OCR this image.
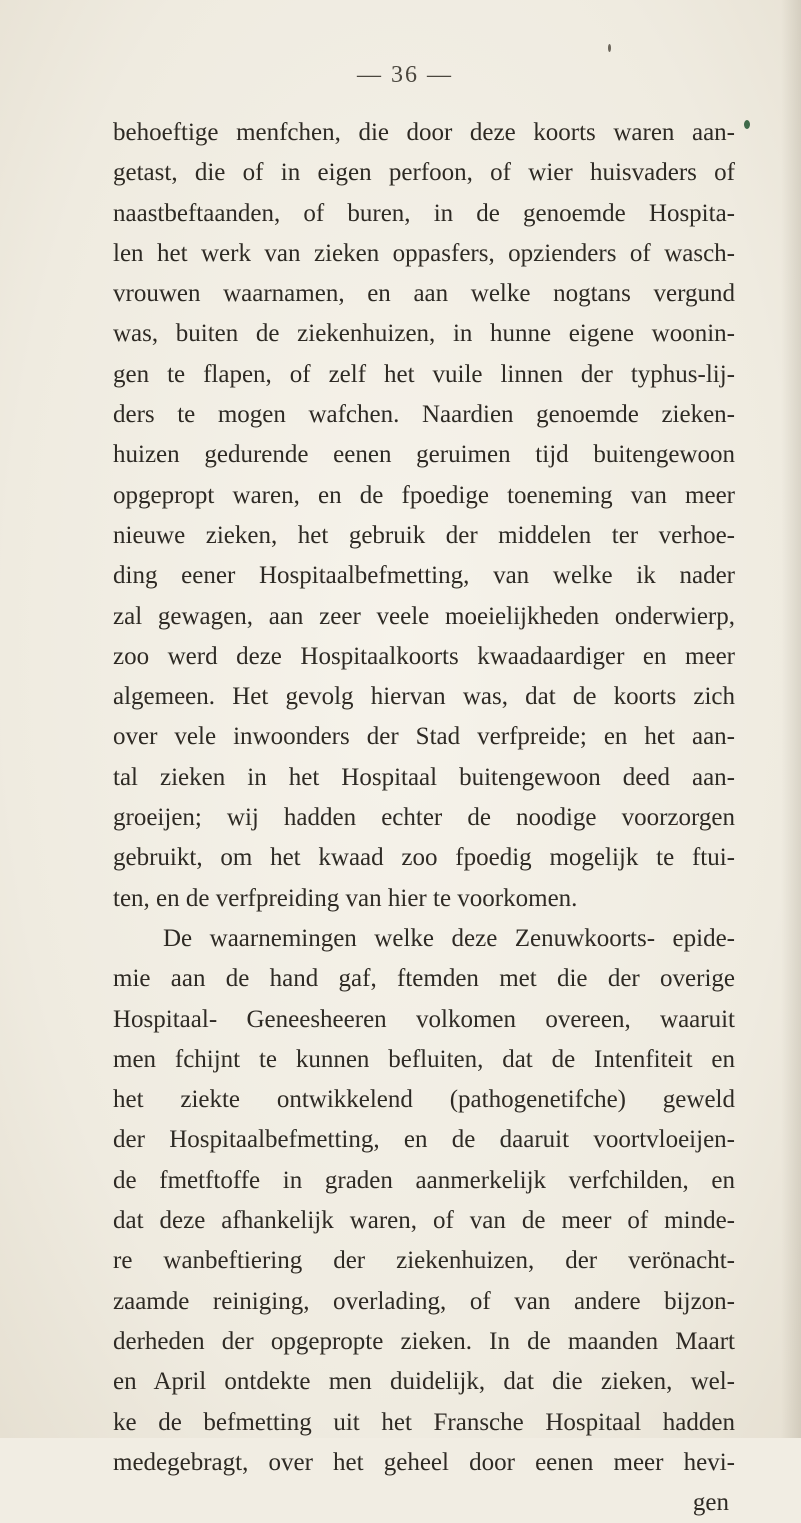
— 36 —
behoeftige menfchen, die door deze koorts waren aan-
getast, die of in eigen perfoon, of wier huisvaders of
naastbeftaanden, of buren, in de genoemde Hospita-
len het werk van zieken oppasfers, opzienders of wasch-
vrouwen waarnamen, en aan welke nogtans vergund
was, buiten de ziekenhuizen, in hunne eigene woonin-
gen te flapen, of zelf het vuile linnen der typhus-lij-
ders te mogen wafchen. Naardien genoemde zieken-
huizen gedurende eenen geruimen tijd buitengewoon
opgepropt waren, en de fpoedige toeneming van meer
nieuwe zieken, het gebruik der middelen ter verhoe-
ding eener Hospitaalbefmetting, van welke ik nader
zal gewagen, aan zeer veele moeielijkheden onderwierp,
zoo werd deze Hospitaalkoorts kwaadaardiger en meer
algemeen. Het gevolg hiervan was, dat de koorts zich
over vele inwoonders der Stad verfpreide; en het aan-
tal zieken in het Hospitaal buitengewoon deed aan-
groeijen; wij hadden echter de noodige voorzorgen
gebruikt, om het kwaad zoo fpoedig mogelijk te ftui-
ten, en de verfpreiding van hier te voorkomen.
De waarnemingen welke deze Zenuwkoorts- epide-
mie aan de hand gaf, ftemden met die der overige
Hospitaal- Geneesheeren volkomen overeen, waaruit
men fchijnt te kunnen befluiten, dat de Intenfiteit en
het ziekte ontwikkelend (pathogenetifche) geweld
der Hospitaalbefmetting, en de daaruit voortvloeijen-
de fmetftoffe in graden aanmerkelijk verfchilden, en
dat deze afhankelijk waren, of van de meer of minde-
re wanbeftiering der ziekenhuizen, der verönacht-
zaamde reiniging, overlading, of van andere bijzon-
derheden der opgepropte zieken. In de maanden Maart
en April ontdekte men duidelijk, dat die zieken, wel-
ke de befmetting uit het Fransche Hospitaal hadden
medegebragt, over het geheel door eenen meer hevi-
gen
